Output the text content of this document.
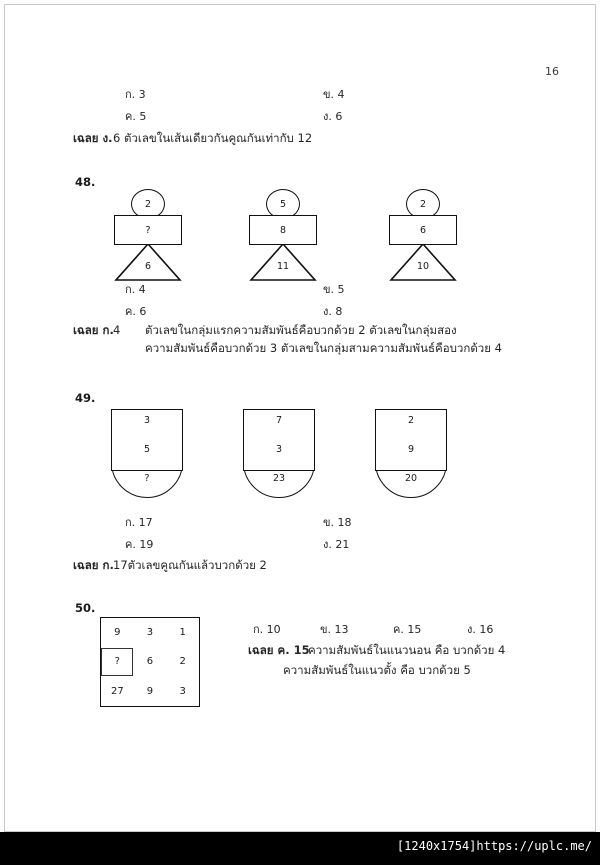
16
ก. 3	ข. 4
ค. 5	ง. 6
เฉลย ง. 6 ตัวเลขในเส้นเดียวกันคูณกันเท่ากับ 12
48.
2
?
6
5
8
11
2
6
10
ก. 4	ข. 5
ค. 6	ง. 8
เฉลย ก. 4 ตัวเลขในกลุ่มแรกความสัมพันธ์คือบวกด้วย 2 ตัวเลขในกลุ่มสอง
ความสัมพันธ์คือบวกด้วย 3 ตัวเลขในกลุ่มสามความสัมพันธ์คือบวกด้วย 4
49.
3
5
?
7
3
23
2
9
20
ก. 17	ข. 18
ค. 19	ง. 21
เฉลย ก. 17ตัวเลขคูณกันแล้วบวกด้วย 2
50.
9	3	1
?	6	2
27	9	3
ก. 10	ข. 13	ค. 15	ง. 16
เฉลย ค. 15
ความสัมพันธ์ในแนวนอน คือ บวกด้วย 4
ความสัมพันธ์ในแนวตั้ง คือ บวกด้วย 5
[1240x1754]https://uplc.me/
